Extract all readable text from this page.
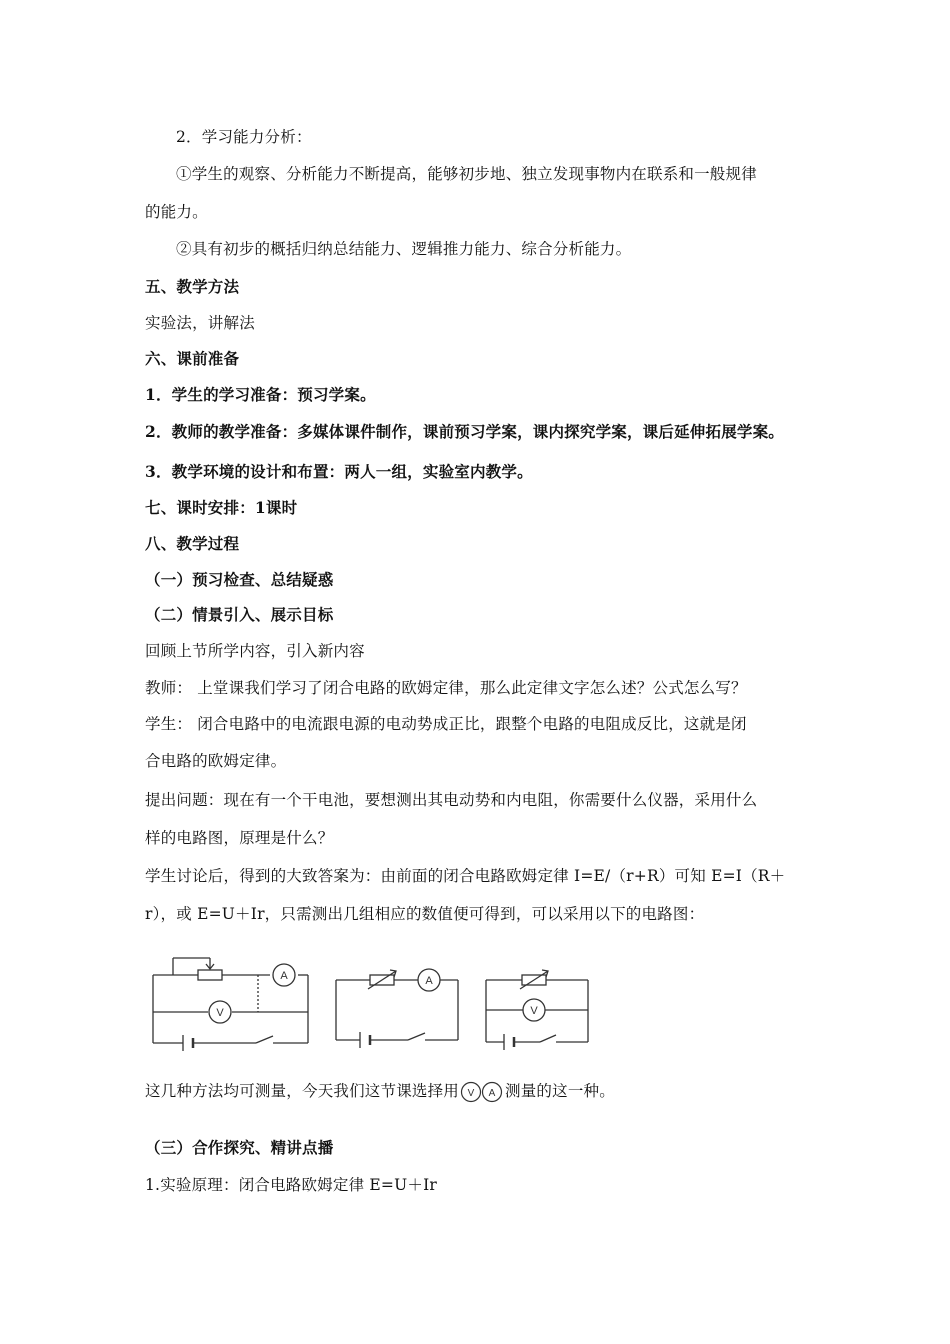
2．学习能力分析：
①学生的观察、分析能力不断提高，能够初步地、独立发现事物内在联系和一般规律
的能力。
②具有初步的概括归纳总结能力、逻辑推力能力、综合分析能力。
五、教学方法
实验法，讲解法
六、课前准备
1．学生的学习准备：预习学案。
2．教师的教学准备：多媒体课件制作，课前预习学案，课内探究学案，课后延伸拓展学案。
3．教学环境的设计和布置：两人一组，实验室内教学。
七、课时安排：1课时
八、教学过程
（一）预习检查、总结疑惑
（二）情景引入、展示目标
回顾上节所学内容，引入新内容
教师： 上堂课我们学习了闭合电路的欧姆定律，那么此定律文字怎么述？公式怎么写？
学生： 闭合电路中的电流跟电源的电动势成正比，跟整个电路的电阻成反比，这就是闭
合电路的欧姆定律。
提出问题：现在有一个干电池，要想测出其电动势和内电阻，你需要什么仪器，采用什么
样的电路图，原理是什么？
学生讨论后，得到的大致答案为：由前面的闭合电路欧姆定律 I=E/（r+R）可知 E=I（R＋
r），或 E=U＋Ir，只需测出几组相应的数值便可得到，可以采用以下的电路图：
A
V
A
V
这几种方法均可测量，今天我们这节课选择用 V A 测量的这一种。
（三）合作探究、精讲点播
1.实验原理：闭合电路欧姆定律 E=U＋Ir
